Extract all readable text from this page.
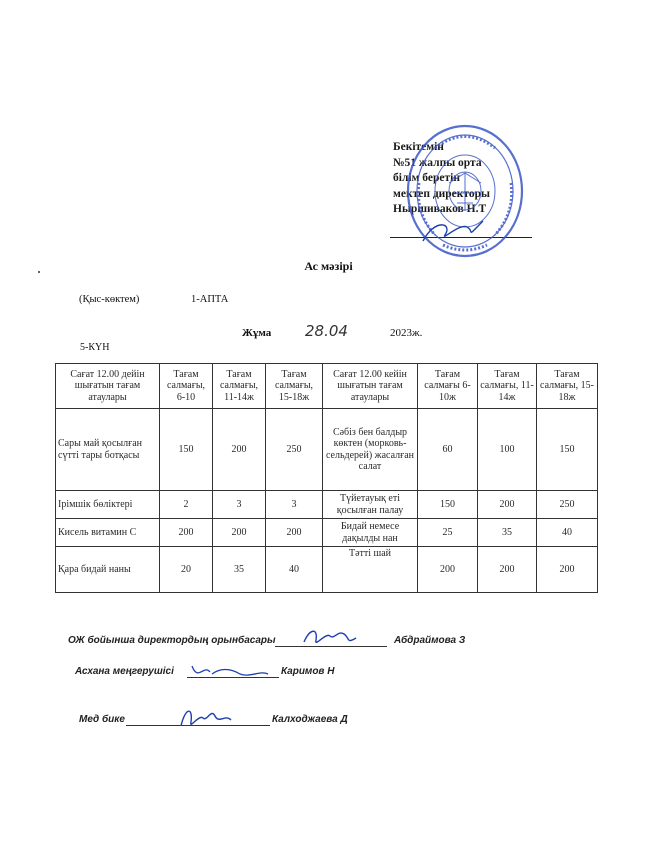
Бекітемін
№51 жалпы орта
білім беретін
мектеп директоры
Ныршиваков Н.Т
Ас мәзірі
(Қыс-көктем)	1-АПТА
Жұма 28.04	2023ж.
5-КҮН
Сағат 12.00 дейін шығатын тағам атаулары	Тағам салмағы, 6-10	Тағам салмағы, 11-14ж	Тағам салмағы, 15-18ж	Сағат 12.00 кейін шығатын тағам атаулары	Тағам салмағы 6-10ж	Тағам салмағы, 11-14ж	Тағам салмағы, 15-18ж
Сары май қосылған сүтті тары ботқасы	150	200	250	Сәбіз бен балдыр көктен (морковь-сельдерей) жасалған салат	60	100	150
Ірімшік бөліктері	2	3	3	Түйетауық еті қосылған палау	150	200	250
Кисель витамин С	200	200	200	Бидай немесе дақылды нан	25	35	40
Қара бидай наны	20	35	40	Тәтті шай	200	200	200
ОЖ бойынша директордың орынбасары	Абдраймова З
Асхана меңгерушісі	Каримов Н
Мед бике	Калходжаева Д
